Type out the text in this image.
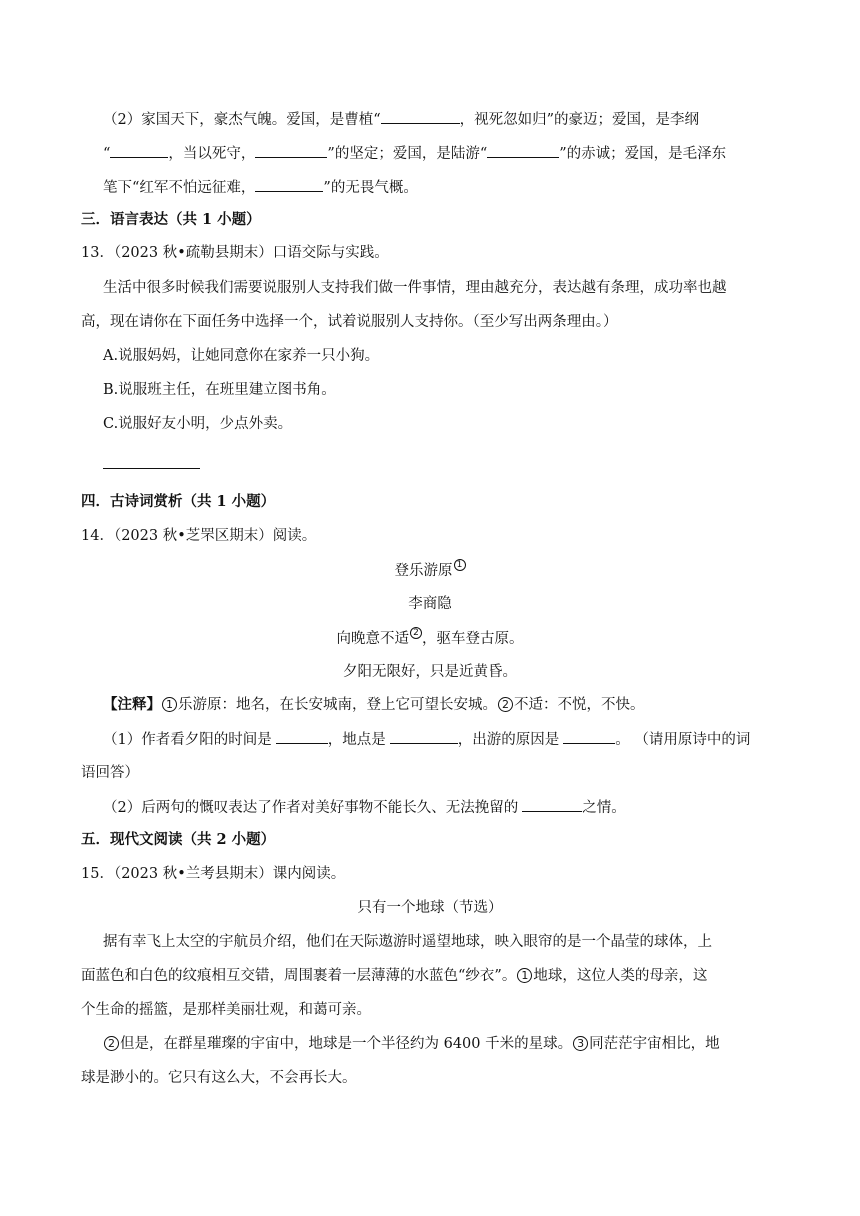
（2）家国天下，豪杰气魄。爱国，是曹植“	，视死忽如归”的豪迈；爱国，是李纲
“	，当以死守，	”的坚定；爱国，是陆游“	”的赤诚；爱国，是毛泽东
笔下“红军不怕远征难，	”的无畏气概。
三．语言表达（共 1 小题）
13．（2023 秋•疏勒县期末）口语交际与实践。
生活中很多时候我们需要说服别人支持我们做一件事情，理由越充分，表达越有条理，成功率也越
高，现在请你在下面任务中选择一个，试着说服别人支持你。（至少写出两条理由。）
A.说服妈妈，让她同意你在家养一只小狗。
B.说服班主任，在班里建立图书角。
C.说服好友小明，少点外卖。
四．古诗词赏析（共 1 小题）
14．（2023 秋•芝罘区期末）阅读。
登乐游原 1
李商隐
向晚意不适 2 ，驱车登古原。
夕阳无限好，只是近黄昏。
【注释】 1 乐游原：地名，在长安城南，登上它可望长安城。 2 不适：不悦，不快。
（1）作者看夕阳的时间是	，地点是	，出游的原因是	。 （请用原诗中的词
语回答）
（2）后两句的慨叹表达了作者对美好事物不能长久、无法挽留的	之情。
五．现代文阅读（共 2 小题）
15．（2023 秋•兰考县期末）课内阅读。
只有一个地球（节选）
据有幸飞上太空的宇航员介绍，他们在天际遨游时遥望地球，映入眼帘的是一个晶莹的球体，上
面蓝色和白色的纹痕相互交错，周围裹着一层薄薄的水蓝色“纱衣”。 1 地球，这位人类的母亲，这
个生命的摇篮，是那样美丽壮观，和蔼可亲。
2 但是，在群星璀璨的宇宙中，地球是一个半径约为 6400 千米的星球。 3 同茫茫宇宙相比，地
球是渺小的。它只有这么大，不会再长大。
